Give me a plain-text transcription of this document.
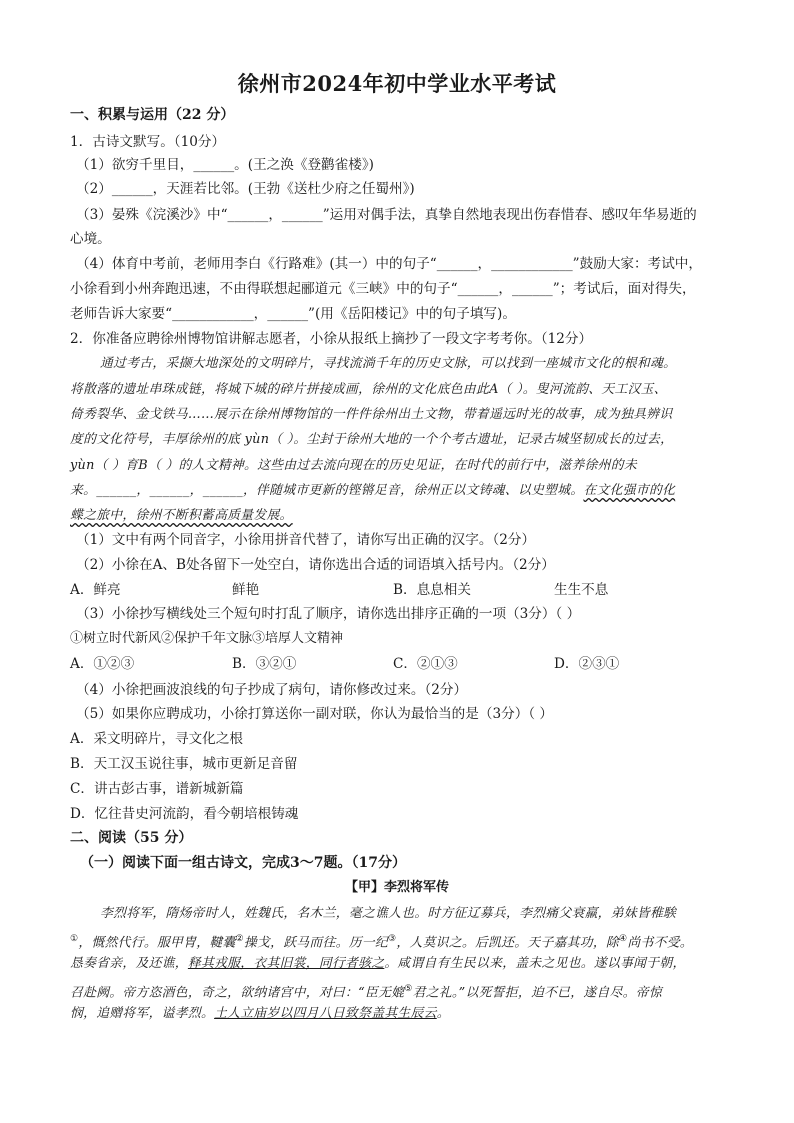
徐州市2024年初中学业水平考试
一、积累与运用（22 分）
1．古诗文默写。（10分）
（1）欲穷千里目，______。(王之涣《登鹳雀楼》)
（2）______，天涯若比邻。(王勃《送杜少府之任蜀州》)
（3）晏殊《浣溪沙》中“______，______”运用对偶手法，真挚自然地表现出伤春惜春、感叹年华易逝的
心境。
（4）体育中考前，老师用李白《行路难》(其一）中的句子“______，____________”鼓励大家：考试中，
小徐看到小州奔跑迅速，不由得联想起郦道元《三峡》中的句子“______，______”；考试后，面对得失，
老师告诉大家要“____________，______”(用《岳阳楼记》中的句子填写)。
2．你准备应聘徐州博物馆讲解志愿者，小徐从报纸上摘抄了一段文字考考你。（12分）
通过考古，采撷大地深处的文明碎片，寻找流淌千年的历史文脉，可以找到一座城市文化的根和魂。
将散落的遗址串珠成链，将城下城的碎片拼接成画，徐州的文化底色由此A（ ）。叟河流韵、天工汉玉、
倚秀裂华、金戈铁马……展示在徐州博物馆的一件件徐州出土文物，带着遥远时光的故事，成为独具辨识
度的文化符号，丰厚徐州的底 yùn（ ）。尘封于徐州大地的一个个考古遗址，记录古城坚韧成长的过去，
yùn（ ）育B（ ）的人文精神。这些由过去流向现在的历史见证，在时代的前行中，滋养徐州的未
来。______，______，______，伴随城市更新的铿锵足音，徐州正以文铸魂、以史塑城。在文化强市的化
蝶之旅中，徐州不断积蓄高质量发展。
（1）文中有两个同音字，小徐用拼音代替了，请你写出正确的汉字。（2分）
（2）小徐在A、B处各留下一处空白，请你选出合适的词语填入括号内。（2分）
A．鲜亮	鲜艳	B．息息相关	生生不息
（3）小徐抄写横线处三个短句时打乱了顺序，请你选出排序正确的一项（3分）（ ）
①树立时代新风②保护千年文脉③培厚人文精神
A．①②③	B．③②①	C．②①③	D．②③①
（4）小徐把画波浪线的句子抄成了病句，请你修改过来。（2分）
（5）如果你应聘成功，小徐打算送你一副对联，你认为最恰当的是（3分）（ ）
A．采文明碎片，寻文化之根
B．天工汉玉说往事，城市更新足音留
C．讲古彭古事，谱新城新篇
D．忆往昔史河流韵，看今朝培根铸魂
二、阅读（55 分）
（一）阅读下面一组古诗文，完成3～7题。（17分）
【甲】李烈将军传
李烈将军，隋炀帝时人，姓魏氏，名木兰，毫之谯人也。时方征辽募兵，李烈痛父衰羸，弟妹皆稚騃
①，慨然代行。服甲胄，鞬囊②操戈，跃马而往。历一纪③，人莫识之。后凯还。天子嘉其功，除④尚书不受。
恳奏省亲，及还谯，释其戎服，衣其旧裳，同行者骇之。咸谓自有生民以来，盖未之见也。遂以事闻于朝，
召赴阙。帝方恣酒色，奇之，欲纳诸宫中，对曰：“臣无媲⑤君之礼。”以死誓拒，迫不已，遂自尽。帝惊
悯，追赠将军，谥孝烈。土人立庙岁以四月八日致祭盖其生辰云。
